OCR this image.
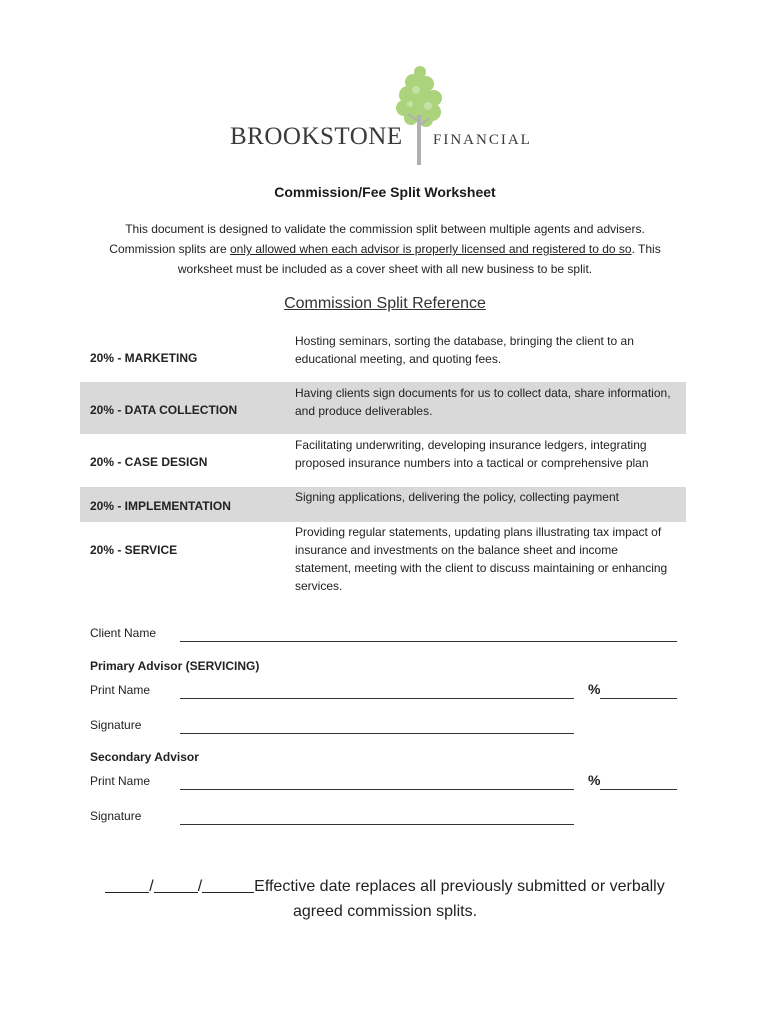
BROOKSTONE FINANCIAL
Commission/Fee Split Worksheet
This document is designed to validate the commission split between multiple agents and advisers.
Commission splits are only allowed when each advisor is properly licensed and registered to do so. This
worksheet must be included as a cover sheet with all new business to be split.
Commission Split Reference
20% - MARKETING
Hosting seminars, sorting the database, bringing the client to an educational meeting, and quoting fees.
20% - DATA COLLECTION
Having clients sign documents for us to collect data, share information, and produce deliverables.
20% - CASE DESIGN
Facilitating underwriting, developing insurance ledgers, integrating proposed insurance numbers into a tactical or comprehensive plan
20% - IMPLEMENTATION
Signing applications, delivering the policy, collecting payment
20% - SERVICE
Providing regular statements, updating plans illustrating tax impact of insurance and investments on the balance sheet and income statement, meeting with the client to discuss maintaining or enhancing services.
Client Name
Primary Advisor (SERVICING)
Print Name	%
Signature
Secondary Advisor
Print Name	%
Signature
/	/	Effective date replaces all previously submitted or verbally
agreed commission splits.
